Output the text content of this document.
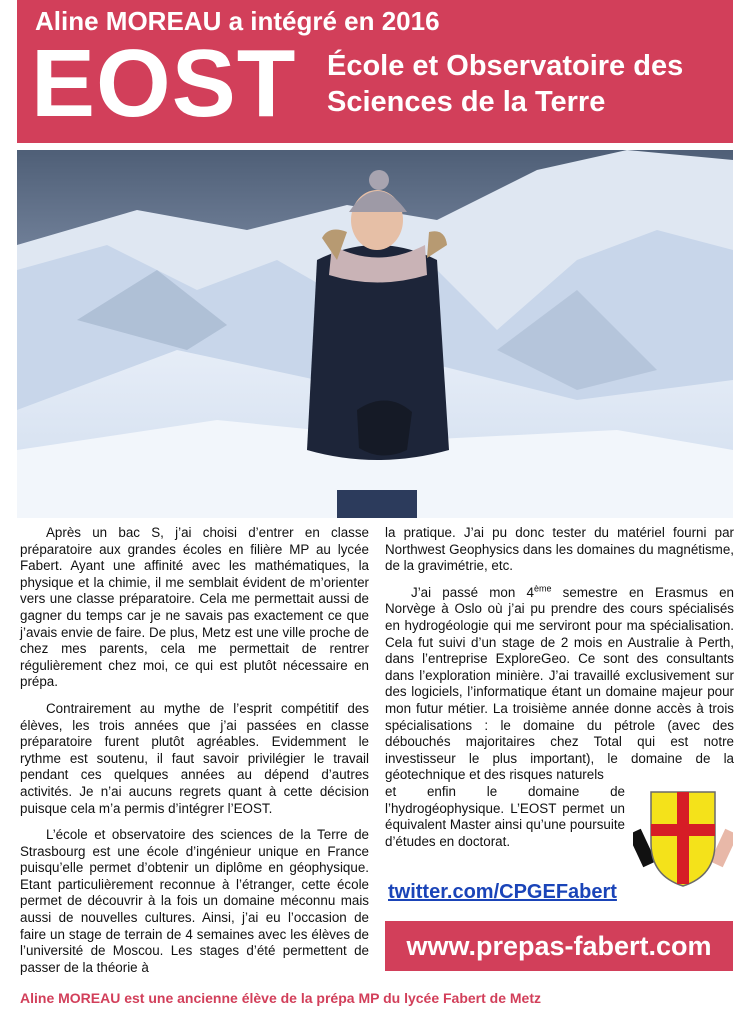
Aline MOREAU a intégré en 2016
EOST École et Observatoire des
Sciences de la Terre

Après un bac S, j’ai choisi d’entrer en classe préparatoire aux grandes écoles en filière MP au lycée Fabert. Ayant une affinité avec les mathématiques, la physique et la chimie, il me semblait évident de m’orienter vers une classe préparatoire. Cela me permettait aussi de gagner du temps car je ne savais pas exactement ce que j’avais envie de faire. De plus, Metz est une ville proche de chez mes parents, cela me permettait de rentrer régulièrement chez moi, ce qui est plutôt nécessaire en prépa.

Contrairement au mythe de l’esprit compétitif des élèves, les trois années que j’ai passées en classe préparatoire furent plutôt agréables. Evidemment le rythme est soutenu, il faut savoir privilégier le travail pendant ces quelques années au dépend d’autres activités. Je n’ai aucuns regrets quant à cette décision puisque cela m’a permis d’intégrer l’EOST.

L’école et observatoire des sciences de la Terre de Strasbourg est une école d’ingénieur unique en France puisqu’elle permet d’obtenir un diplôme en géophysique. Etant particulièrement reconnue à l’étranger, cette école permet de découvrir à la fois un domaine méconnu mais aussi de nouvelles cultures. Ainsi, j’ai eu l’occasion de faire un stage de terrain de 4 semaines avec les élèves de l’université de Moscou. Les stages d’été permettent de passer de la théorie à

la pratique. J’ai pu donc tester du matériel fourni par Northwest Geophysics dans les domaines du magnétisme, de la gravimétrie, etc.

J’ai passé mon 4ème semestre en Erasmus en Norvège à Oslo où j’ai pu prendre des cours spécialisés en hydrogéologie qui me serviront pour ma spécialisation. Cela fut suivi d’un stage de 2 mois en Australie à Perth, dans l’entreprise ExploreGeo. Ce sont des consultants dans l’exploration minière. J’ai travaillé exclusivement sur des logiciels, l’informatique étant un domaine majeur pour mon futur métier. La troisième année donne accès à trois spécialisations : le domaine du pétrole (avec des débouchés majoritaires chez Total qui est notre investisseur le plus important), le domaine de la géotechnique et des risques naturels

et enfin le domaine de l’hydrogéophysique. L’EOST permet un équivalent Master ainsi qu’une poursuite d’études en doctorat.

twitter.com/CPGEFabert
www.prepas-fabert.com
Aline MOREAU est une ancienne élève de la prépa MP du lycée Fabert de Metz
